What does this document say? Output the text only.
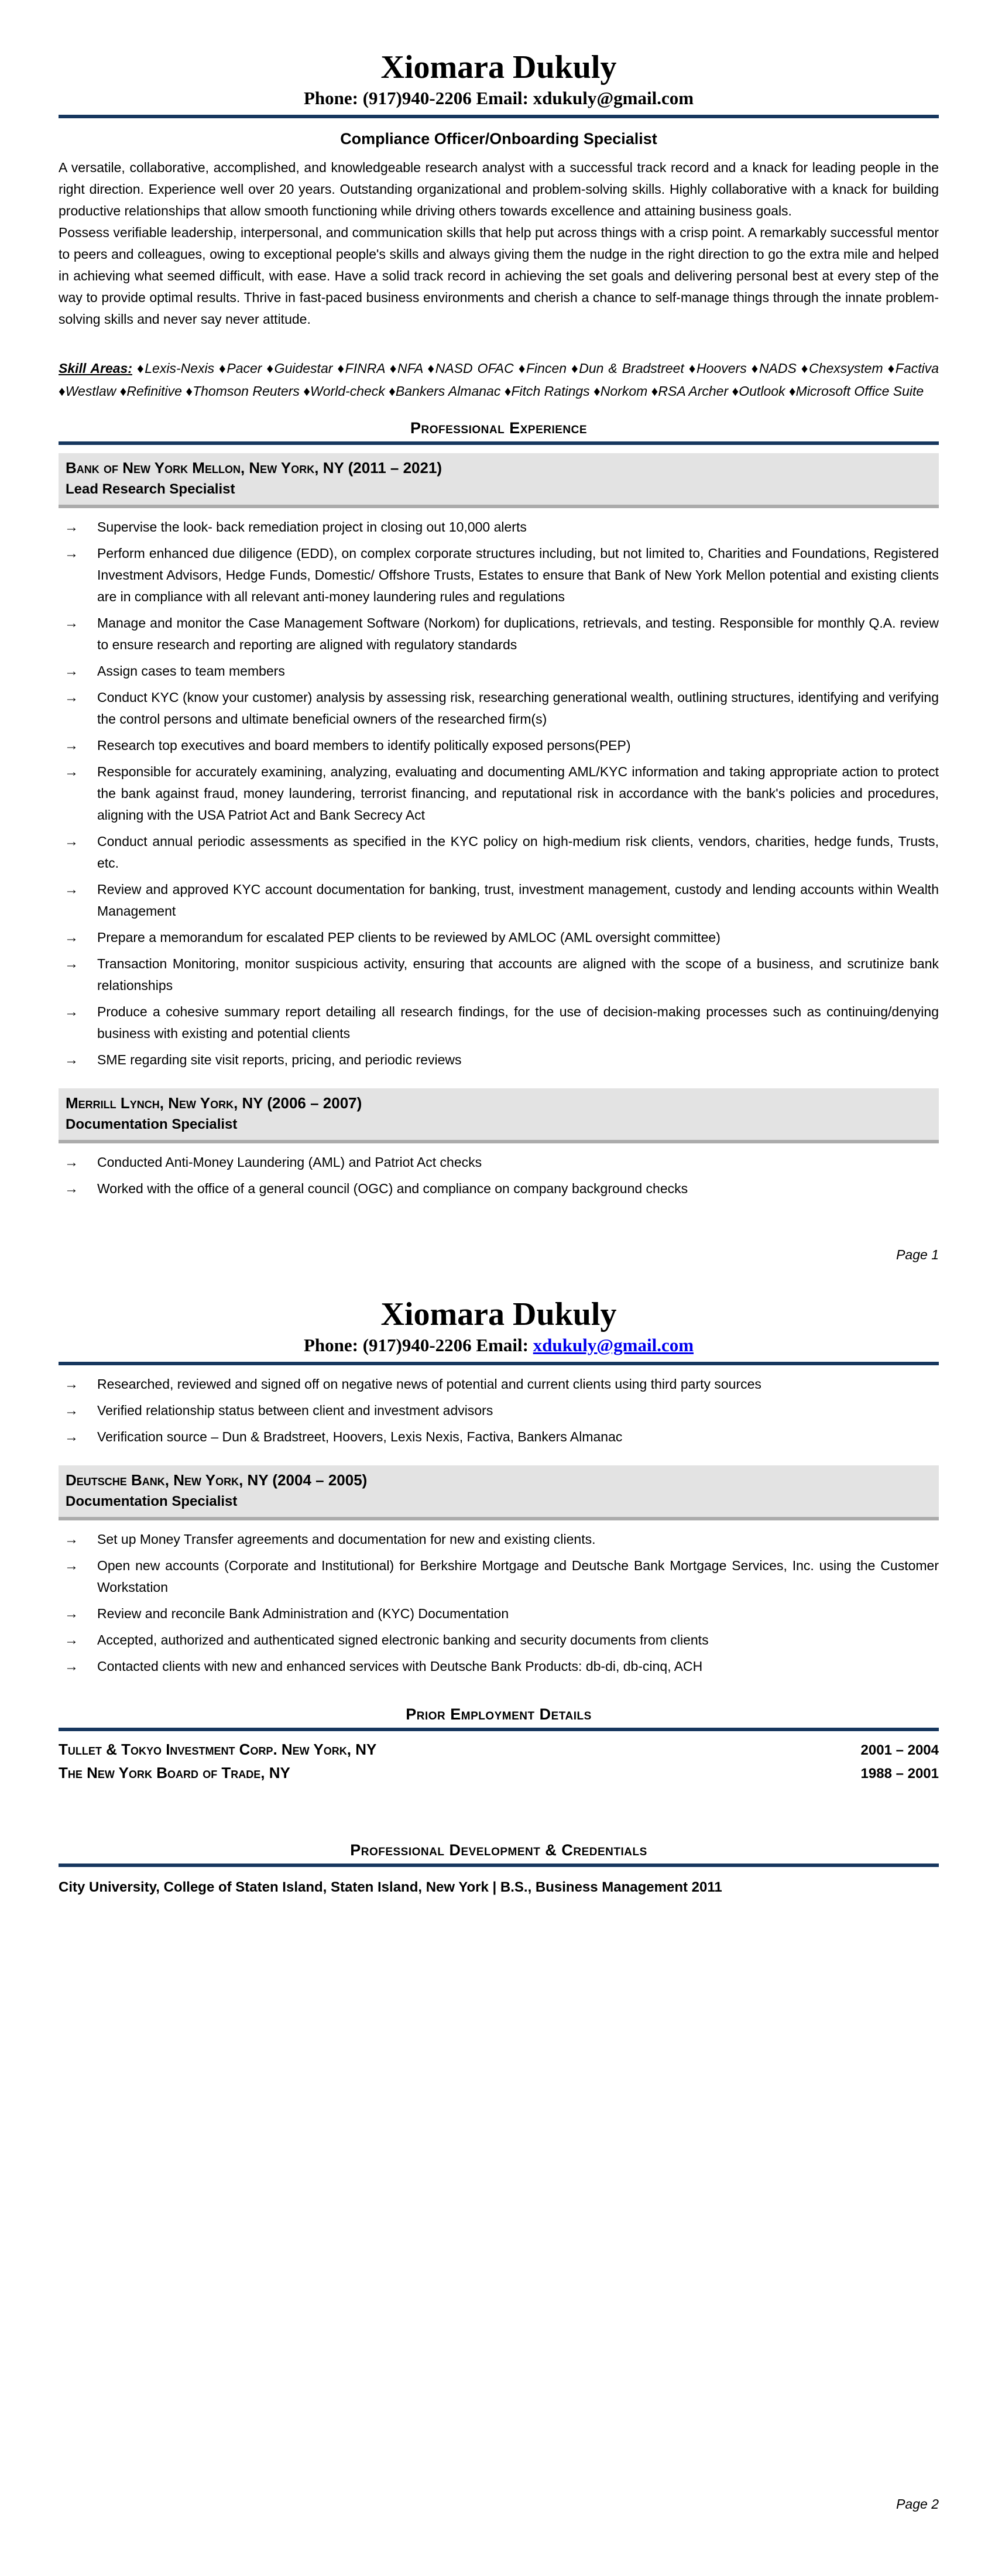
Xiomara Dukuly
Phone: (917)940-2206 Email: xdukuly@gmail.com
Compliance Officer/Onboarding Specialist

A versatile, collaborative, accomplished, and knowledgeable research analyst with a successful track record and a knack for leading people in the right direction. Experience well over 20 years. Outstanding organizational and problem-solving skills. Highly collaborative with a knack for building productive relationships that allow smooth functioning while driving others towards excellence and attaining business goals.

Possess verifiable leadership, interpersonal, and communication skills that help put across things with a crisp point. A remarkably successful mentor to peers and colleagues, owing to exceptional people's skills and always giving them the nudge in the right direction to go the extra mile and helped in achieving what seemed difficult, with ease. Have a solid track record in achieving the set goals and delivering personal best at every step of the way to provide optimal results. Thrive in fast-paced business environments and cherish a chance to self-manage things through the innate problem-solving skills and never say never attitude.

Skill Areas: ♦Lexis-Nexis ♦Pacer ♦Guidestar ♦FINRA ♦NFA ♦NASD OFAC ♦Fincen ♦Dun & Bradstreet ♦Hoovers ♦NADS ♦Chexsystem ♦Factiva ♦Westlaw ♦Refinitive ♦Thomson Reuters ♦World-check ♦Bankers Almanac ♦Fitch Ratings ♦Norkom ♦RSA Archer ♦Outlook ♦Microsoft Office Suite
Professional Experience
Bank of New York Mellon, New York, NY (2011 – 2021)
Lead Research Specialist
→ Supervise the look- back remediation project in closing out 10,000 alerts
→ Perform enhanced due diligence (EDD), on complex corporate structures including, but not limited to, Charities and Foundations, Registered Investment Advisors, Hedge Funds, Domestic/ Offshore Trusts, Estates to ensure that Bank of New York Mellon potential and existing clients are in compliance with all relevant anti-money laundering rules and regulations
→ Manage and monitor the Case Management Software (Norkom) for duplications, retrievals, and testing. Responsible for monthly Q.A. review to ensure research and reporting are aligned with regulatory standards
→ Assign cases to team members
→ Conduct KYC (know your customer) analysis by assessing risk, researching generational wealth, outlining structures, identifying and verifying the control persons and ultimate beneficial owners of the researched firm(s)
→ Research top executives and board members to identify politically exposed persons(PEP)
→ Responsible for accurately examining, analyzing, evaluating and documenting AML/KYC information and taking appropriate action to protect the bank against fraud, money laundering, terrorist financing, and reputational risk in accordance with the bank's policies and procedures, aligning with the USA Patriot Act and Bank Secrecy Act
→ Conduct annual periodic assessments as specified in the KYC policy on high-medium risk clients, vendors, charities, hedge funds, Trusts, etc.
→ Review and approved KYC account documentation for banking, trust, investment management, custody and lending accounts within Wealth Management
→ Prepare a memorandum for escalated PEP clients to be reviewed by AMLOC (AML oversight committee)
→ Transaction Monitoring, monitor suspicious activity, ensuring that accounts are aligned with the scope of a business, and scrutinize bank relationships
→ Produce a cohesive summary report detailing all research findings, for the use of decision-making processes such as continuing/denying business with existing and potential clients
→ SME regarding site visit reports, pricing, and periodic reviews
Merrill Lynch, New York, NY (2006 – 2007)
Documentation Specialist
→ Conducted Anti-Money Laundering (AML) and Patriot Act checks
→ Worked with the office of a general council (OGC) and compliance on company background checks
Page 1
Xiomara Dukuly
Phone: (917)940-2206 Email: xdukuly@gmail.com
→ Researched, reviewed and signed off on negative news of potential and current clients using third party sources
→ Verified relationship status between client and investment advisors
→ Verification source – Dun & Bradstreet, Hoovers, Lexis Nexis, Factiva, Bankers Almanac
Deutsche Bank, New York, NY (2004 – 2005)
Documentation Specialist
→ Set up Money Transfer agreements and documentation for new and existing clients.
→ Open new accounts (Corporate and Institutional) for Berkshire Mortgage and Deutsche Bank Mortgage Services, Inc. using the Customer Workstation
→ Review and reconcile Bank Administration and (KYC) Documentation
→ Accepted, authorized and authenticated signed electronic banking and security documents from clients
→ Contacted clients with new and enhanced services with Deutsche Bank Products: db-di, db-cinq, ACH
Prior Employment Details
Tullet & Tokyo Investment Corp. New York, NY	2001 – 2004
The New York Board of Trade, NY	1988 – 2001
Professional Development & Credentials
City University, College of Staten Island, Staten Island, New York | B.S., Business Management 2011
Page 2
